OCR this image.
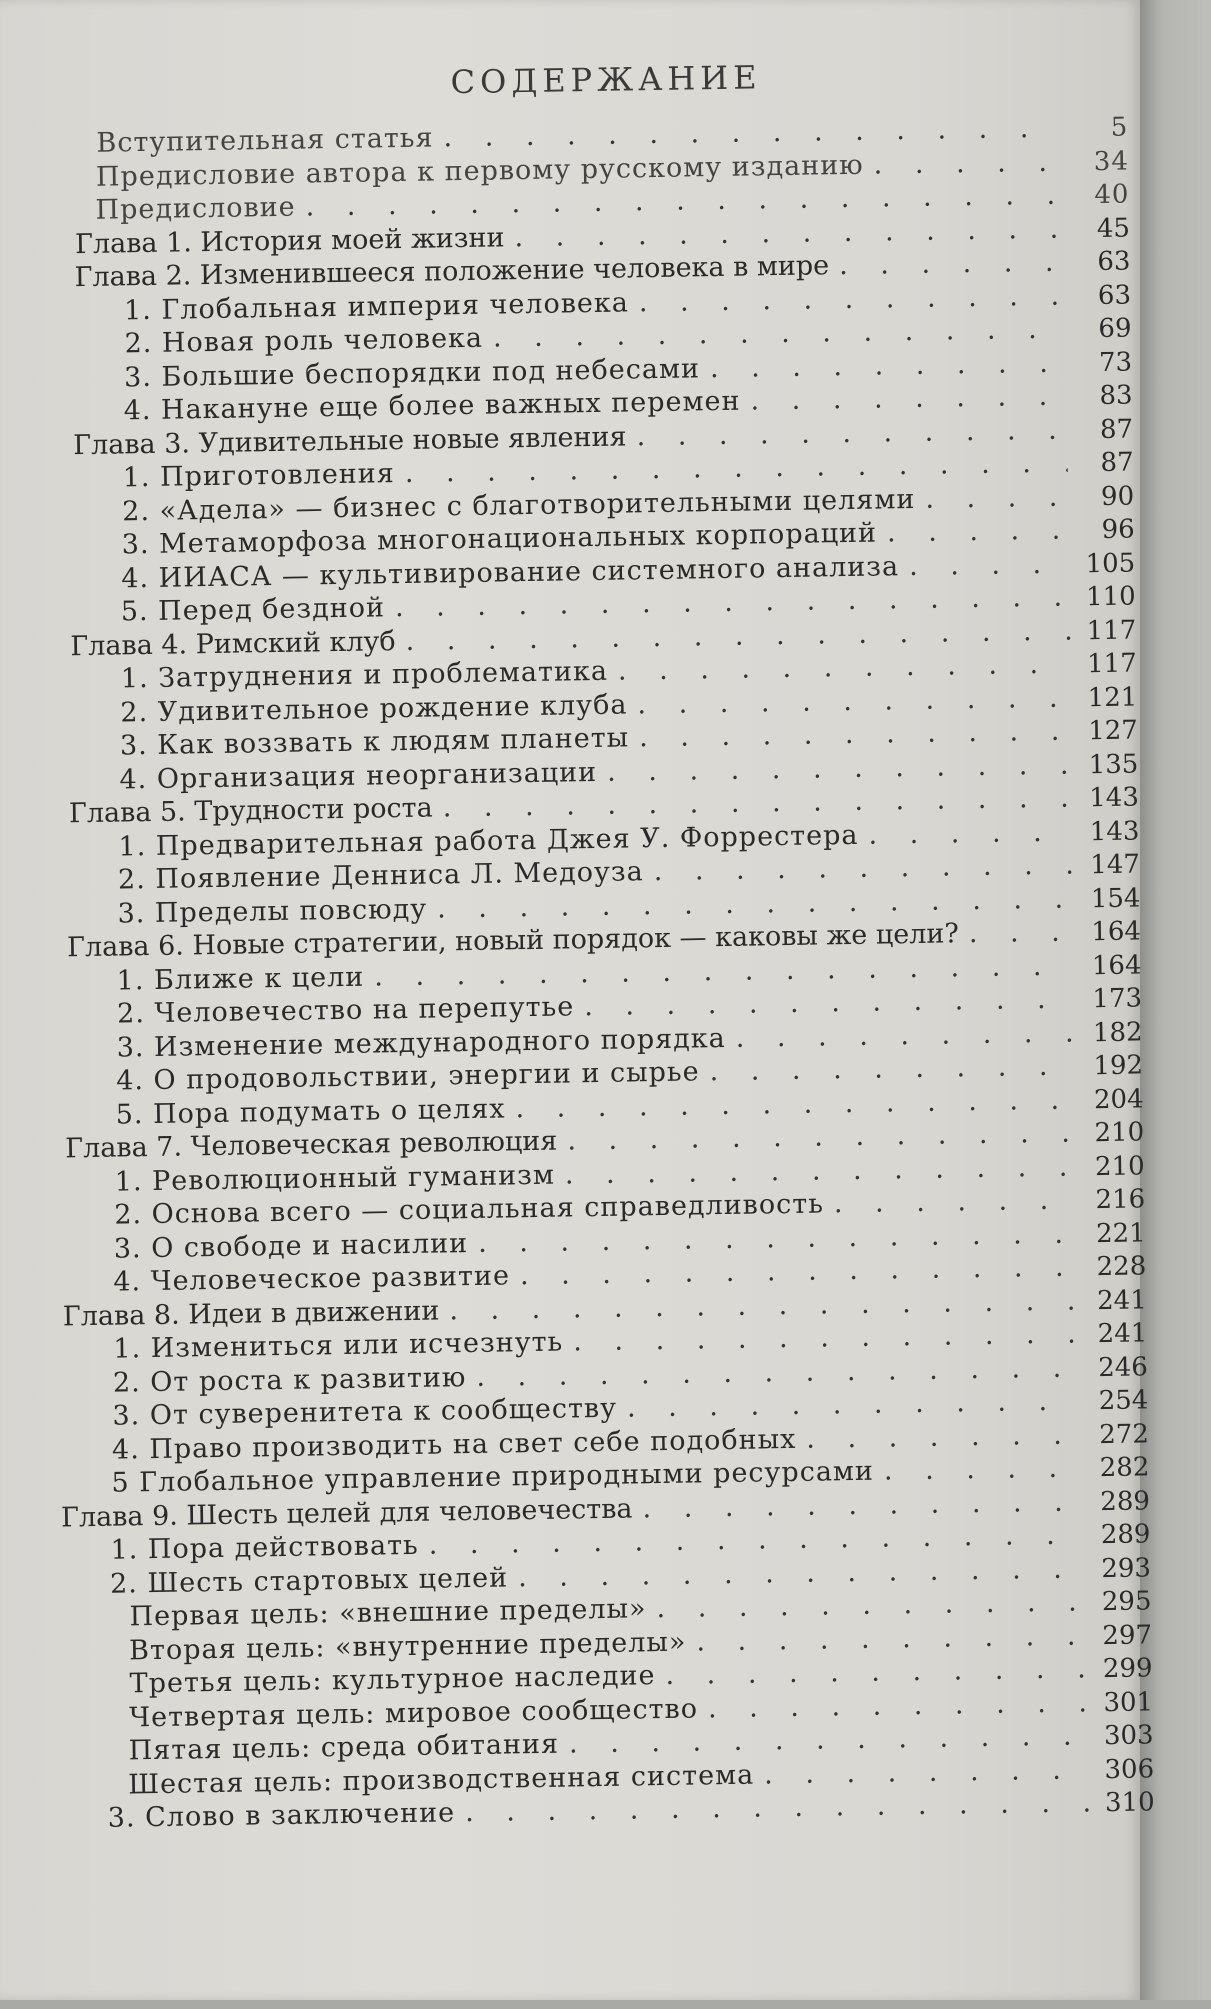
СОДЕРЖАНИЕ
Вступительная статья . . .	5
Предисловие автора к первому русскому изданию . . .	34
Предисловие . . .	40
Глава 1. История моей жизни . . .	45
Глава 2. Изменившееся положение человека в мире . . .	63
1. Глобальная империя человека . . .	63
2. Новая роль человека . . .	69
3. Большие беспорядки под небесами . . .	73
4. Накануне еще более важных перемен . . .	83
Глава 3. Удивительные новые явления . . .	87
1. Приготовления . . .	87
2. «Адела» — бизнес с благотворительными целями . . .	90
3. Метаморфоза многонациональных корпораций . . .	96
4. ИИАСА — культивирование системного анализа . . .	105
5. Перед бездной . . .	110
Глава 4. Римский клуб . . .	117
1. Затруднения и проблематика . . .	117
2. Удивительное рождение клуба . . .	121
3. Как воззвать к людям планеты . . .	127
4. Организация неорганизации . . .	135
Глава 5. Трудности роста . . .	143
1. Предварительная работа Джея У. Форрестера . . .	143
2. Появление Денниса Л. Медоуза . . .	147
3. Пределы повсюду . . .	154
Глава 6. Новые стратегии, новый порядок — каковы же цели? . . .	164
1. Ближе к цели . . .	164
2. Человечество на перепутье . . .	173
3. Изменение международного порядка . . .	182
4. О продовольствии, энергии и сырье . . .	192
5. Пора подумать о целях . . .	204
Глава 7. Человеческая революция . . .	210
1. Революционный гуманизм . . .	210
2. Основа всего — социальная справедливость . . .	216
3. О свободе и насилии . . .	221
4. Человеческое развитие . . .	228
Глава 8. Идеи в движении . . .	241
1. Измениться или исчезнуть . . .	241
2. От роста к развитию . . .	246
3. От суверенитета к сообществу . . .	254
4. Право производить на свет себе подобных . . .	272
5 Глобальное управление природными ресурсами . . .	282
Глава 9. Шесть целей для человечества . . .	289
1. Пора действовать . . .	289
2. Шесть стартовых целей . . .	293
Первая цель: «внешние пределы» . . .	295
Вторая цель: «внутренние пределы» . . .	297
Третья цель: культурное наследие . . .	299
Четвертая цель: мировое сообщество . . .	301
Пятая цель: среда обитания . . .	303
Шестая цель: производственная система . . .	306
3. Слово в заключение . . .	310
